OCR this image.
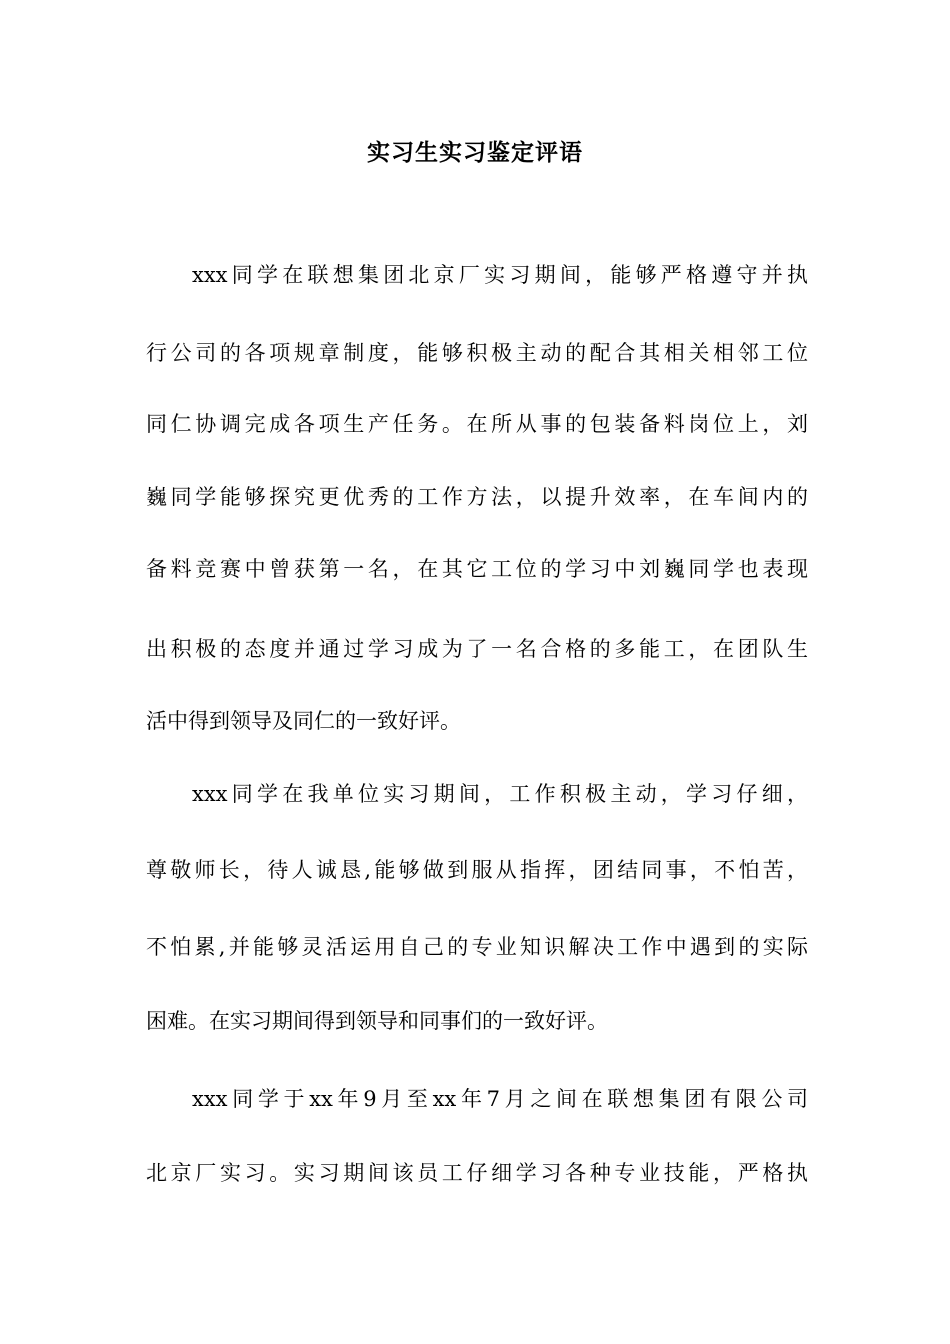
实习生实习鉴定评语
xxx同学在联想集团北京厂实习期间，能够严格遵守并执
行公司的各项规章制度，能够积极主动的配合其相关相邻工位
同仁协调完成各项生产任务。在所从事的包装备料岗位上，刘
巍同学能够探究更优秀的工作方法，以提升效率，在车间内的
备料竞赛中曾获第一名，在其它工位的学习中刘巍同学也表现
出积极的态度并通过学习成为了一名合格的多能工，在团队生
活中得到领导及同仁的一致好评。
xxx同学在我单位实习期间，工作积极主动，学习仔细，
尊敬师长，待人诚恳,能够做到服从指挥，团结同事，不怕苦，
不怕累,并能够灵活运用自己的专业知识解决工作中遇到的实际
困难。在实习期间得到领导和同事们的一致好评。
xxx同学于xx年9月至xx年7月之间在联想集团有限公司
北京厂实习。实习期间该员工仔细学习各种专业技能，严格执
